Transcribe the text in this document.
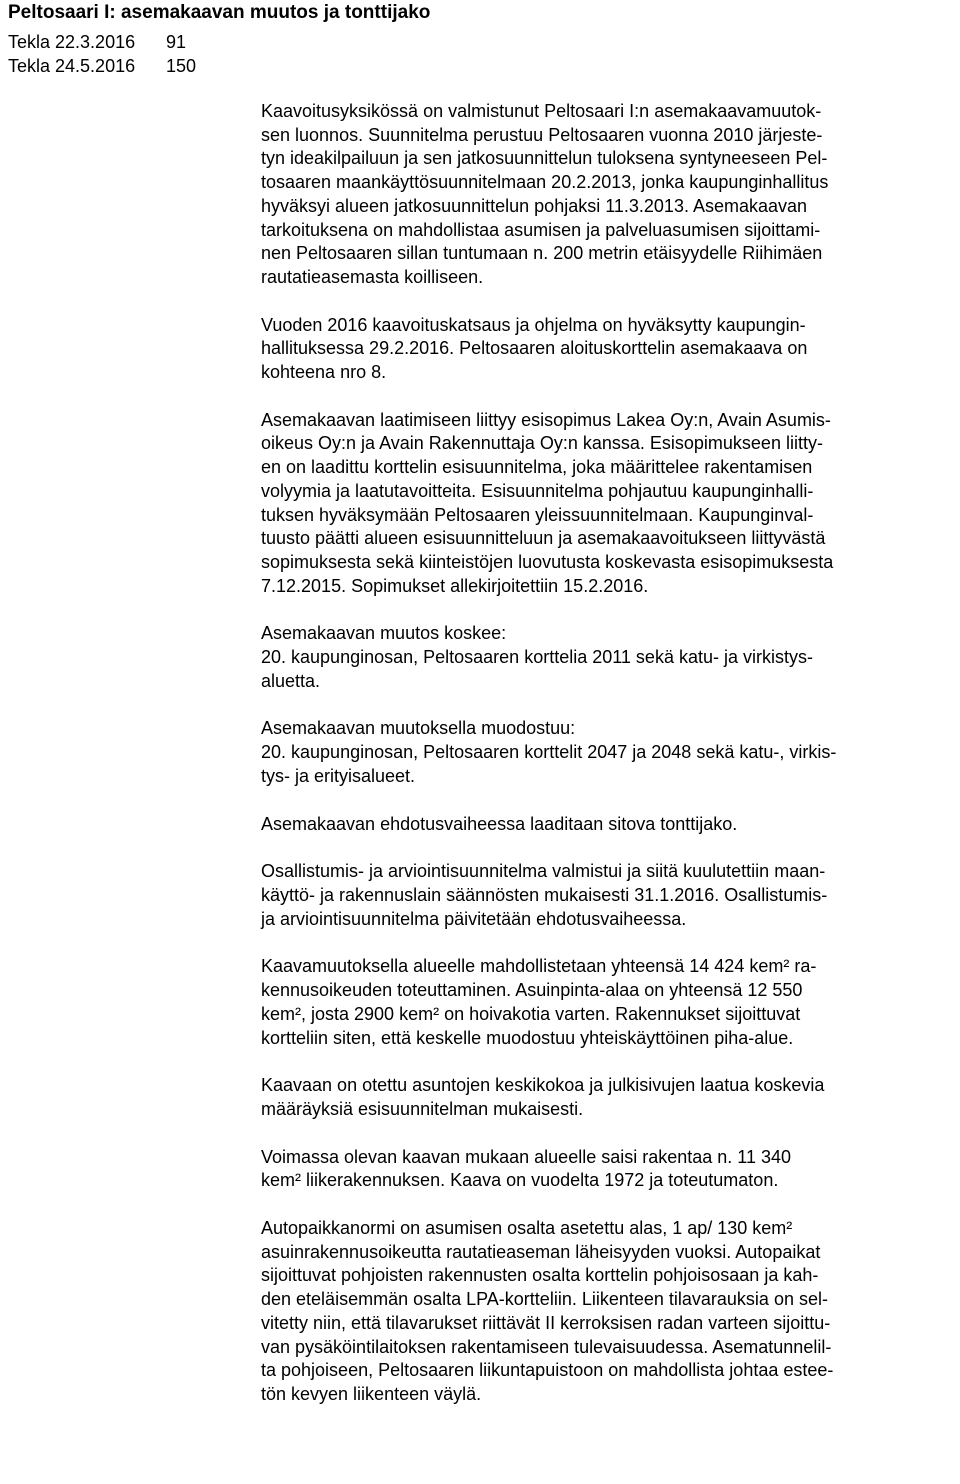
Peltosaari I: asemakaavan muutos ja tonttijako
Tekla 22.3.2016 91
Tekla 24.5.2016 150
Kaavoitusyksikössä on valmistunut Peltosaari I:n asemakaavamuutok-
sen luonnos. Suunnitelma perustuu Peltosaaren vuonna 2010 järjeste-
tyn ideakilpailuun ja sen jatkosuunnittelun tuloksena syntyneeseen Pel-
tosaaren maankäyttösuunnitelmaan 20.2.2013, jonka kaupunginhallitus
hyväksyi alueen jatkosuunnittelun pohjaksi 11.3.2013. Asemakaavan
tarkoituksena on mahdollistaa asumisen ja palveluasumisen sijoittami-
nen Peltosaaren sillan tuntumaan n. 200 metrin etäisyydelle Riihimäen
rautatieasemasta koilliseen.
Vuoden 2016 kaavoituskatsaus ja ohjelma on hyväksytty kaupungin-
hallituksessa 29.2.2016. Peltosaaren aloituskorttelin asemakaava on
kohteena nro 8.
Asemakaavan laatimiseen liittyy esisopimus Lakea Oy:n, Avain Asumis-
oikeus Oy:n ja Avain Rakennuttaja Oy:n kanssa. Esisopimukseen liitty-
en on laadittu korttelin esisuunnitelma, joka määrittelee rakentamisen
volyymia ja laatutavoitteita. Esisuunnitelma pohjautuu kaupunginhalli-
tuksen hyväksymään Peltosaaren yleissuunnitelmaan. Kaupunginval-
tuusto päätti alueen esisuunnitteluun ja asemakaavoitukseen liittyvästä
sopimuksesta sekä kiinteistöjen luovutusta koskevasta esisopimuksesta
7.12.2015. Sopimukset allekirjoitettiin 15.2.2016.
Asemakaavan muutos koskee:
20. kaupunginosan, Peltosaaren korttelia 2011 sekä katu- ja virkistys-
aluetta.
Asemakaavan muutoksella muodostuu:
20. kaupunginosan, Peltosaaren korttelit 2047 ja 2048 sekä katu-, virkis-
tys- ja erityisalueet.
Asemakaavan ehdotusvaiheessa laaditaan sitova tonttijako.
Osallistumis- ja arviointisuunnitelma valmistui ja siitä kuulutettiin maan-
käyttö- ja rakennuslain säännösten mukaisesti 31.1.2016. Osallistumis-
ja arviointisuunnitelma päivitetään ehdotusvaiheessa.
Kaavamuutoksella alueelle mahdollistetaan yhteensä 14 424 kem² ra-
kennusoikeuden toteuttaminen. Asuinpinta-alaa on yhteensä 12 550
kem², josta 2900 kem² on hoivakotia varten. Rakennukset sijoittuvat
kortteliin siten, että keskelle muodostuu yhteiskäyttöinen piha-alue.
Kaavaan on otettu asuntojen keskikokoa ja julkisivujen laatua koskevia
määräyksiä esisuunnitelman mukaisesti.
Voimassa olevan kaavan mukaan alueelle saisi rakentaa n. 11 340
kem² liikerakennuksen. Kaava on vuodelta 1972 ja toteutumaton.
Autopaikkanormi on asumisen osalta asetettu alas, 1 ap/ 130 kem²
asuinrakennusoikeutta rautatieaseman läheisyyden vuoksi. Autopaikat
sijoittuvat pohjoisten rakennusten osalta korttelin pohjoisosaan ja kah-
den eteläisemmän osalta LPA-kortteliin. Liikenteen tilavarauksia on sel-
vitetty niin, että tilavarukset riittävät II kerroksisen radan varteen sijoittu-
van pysäköintilaitoksen rakentamiseen tulevaisuudessa. Asematunnelil-
ta pohjoiseen, Peltosaaren liikuntapuistoon on mahdollista johtaa estee-
tön kevyen liikenteen väylä.
